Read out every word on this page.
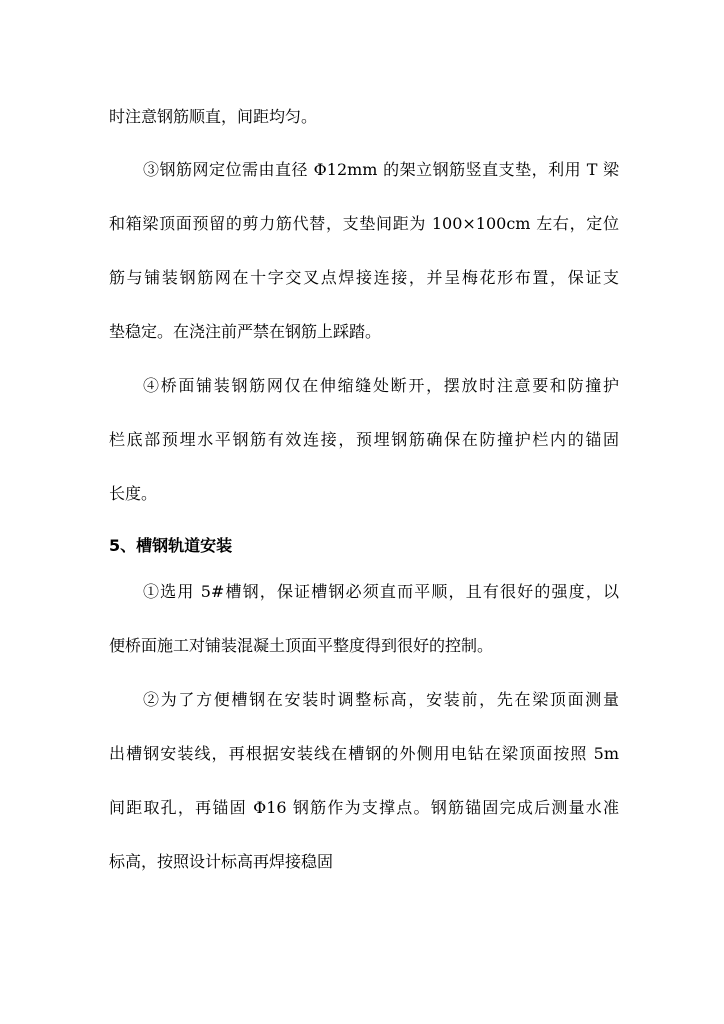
时注意钢筋顺直，间距均匀。
③钢筋网定位需由直径 Φ12mm 的架立钢筋竖直支垫，利用 T 梁
和箱梁顶面预留的剪力筋代替，支垫间距为 100×100cm 左右，定位
筋与铺装钢筋网在十字交叉点焊接连接，并呈梅花形布置，保证支
垫稳定。在浇注前严禁在钢筋上踩踏。
④桥面铺装钢筋网仅在伸缩缝处断开，摆放时注意要和防撞护
栏底部预埋水平钢筋有效连接，预埋钢筋确保在防撞护栏内的锚固
长度。
5、槽钢轨道安装
①选用 5#槽钢，保证槽钢必须直而平顺，且有很好的强度，以
便桥面施工对铺装混凝土顶面平整度得到很好的控制。
②为了方便槽钢在安装时调整标高，安装前，先在梁顶面测量
出槽钢安装线，再根据安装线在槽钢的外侧用电钻在梁顶面按照 5m
间距取孔，再锚固 Φ16 钢筋作为支撑点。钢筋锚固完成后测量水准
标高，按照设计标高再焊接稳固
